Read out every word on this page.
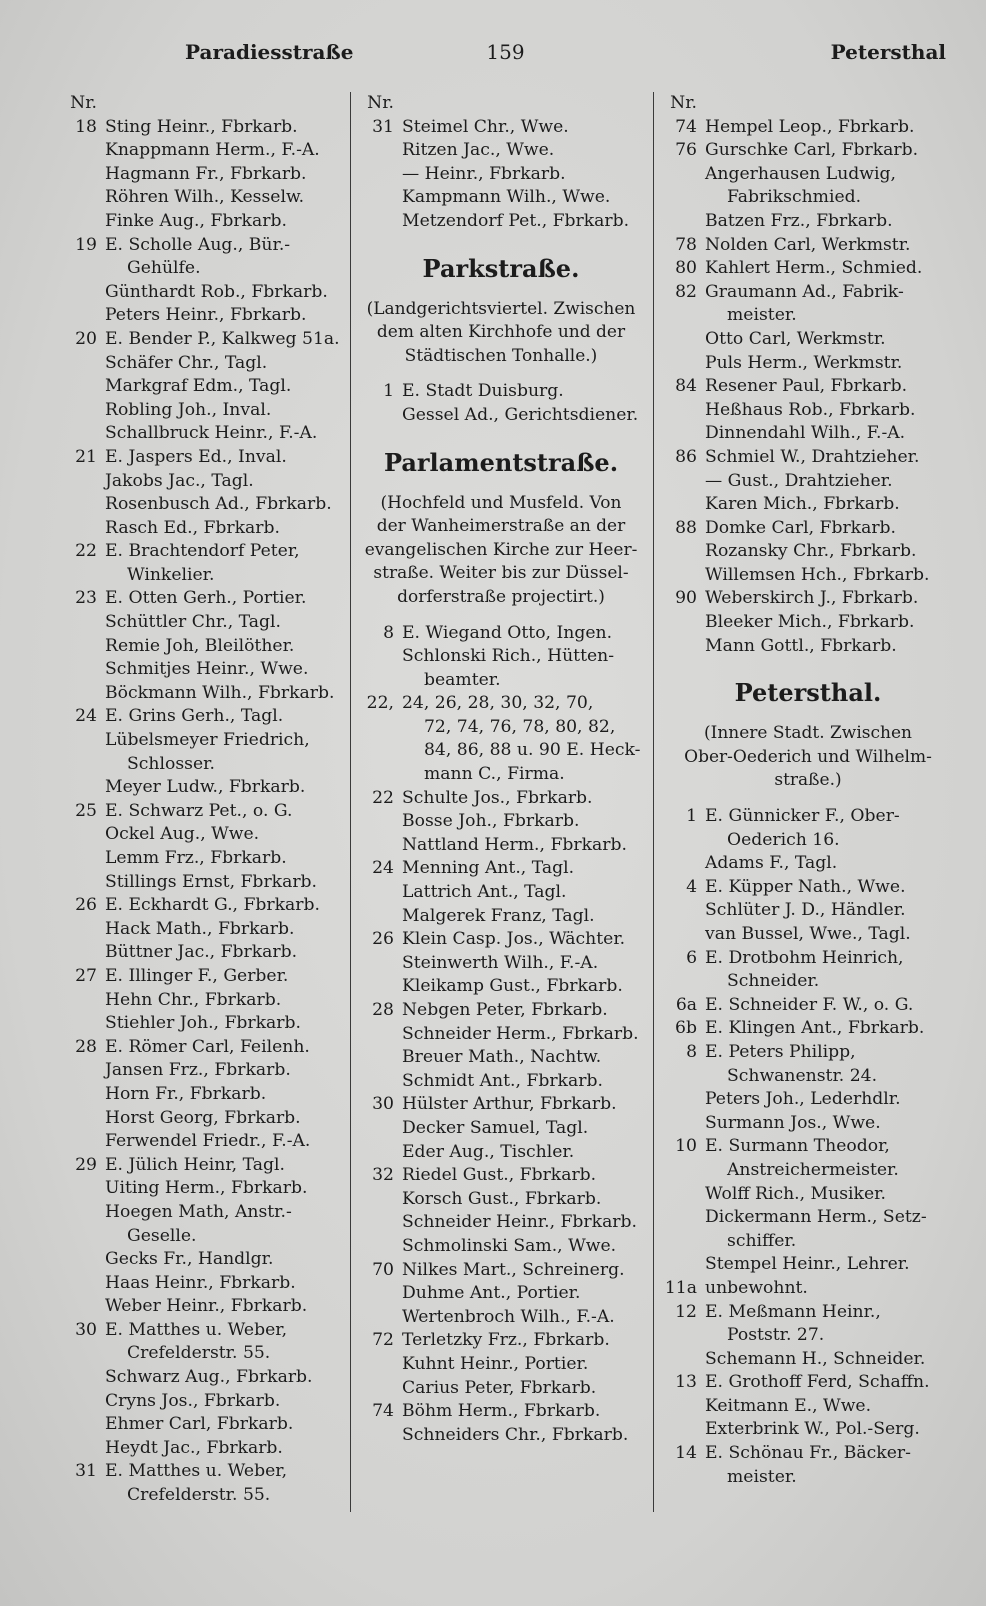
Paradiesstraße	159	Petersthal
Nr.
18 Sting Heinr., Fbrkarb.
Knappmann Herm., F.-A.
Hagmann Fr., Fbrkarb.
Röhren Wilh., Kesselw.
Finke Aug., Fbrkarb.
19 E. Scholle Aug., Bür.-
Gehülfe.
Günthardt Rob., Fbrkarb.
Peters Heinr., Fbrkarb.
20 E. Bender P., Kalkweg 51a.
Schäfer Chr., Tagl.
Markgraf Edm., Tagl.
Robling Joh., Inval.
Schallbruck Heinr., F.-A.
21 E. Jaspers Ed., Inval.
Jakobs Jac., Tagl.
Rosenbusch Ad., Fbrkarb.
Rasch Ed., Fbrkarb.
22 E. Brachtendorf Peter,
Winkelier.
23 E. Otten Gerh., Portier.
Schüttler Chr., Tagl.
Remie Joh, Bleilöther.
Schmitjes Heinr., Wwe.
Böckmann Wilh., Fbrkarb.
24 E. Grins Gerh., Tagl.
Lübelsmeyer Friedrich,
Schlosser.
Meyer Ludw., Fbrkarb.
25 E. Schwarz Pet., o. G.
Ockel Aug., Wwe.
Lemm Frz., Fbrkarb.
Stillings Ernst, Fbrkarb.
26 E. Eckhardt G., Fbrkarb.
Hack Math., Fbrkarb.
Büttner Jac., Fbrkarb.
27 E. Illinger F., Gerber.
Hehn Chr., Fbrkarb.
Stiehler Joh., Fbrkarb.
28 E. Römer Carl, Feilenh.
Jansen Frz., Fbrkarb.
Horn Fr., Fbrkarb.
Horst Georg, Fbrkarb.
Ferwendel Friedr., F.-A.
29 E. Jülich Heinr, Tagl.
Uiting Herm., Fbrkarb.
Hoegen Math, Anstr.-
Geselle.
Gecks Fr., Handlgr.
Haas Heinr., Fbrkarb.
Weber Heinr., Fbrkarb.
30 E. Matthes u. Weber,
Crefelderstr. 55.
Schwarz Aug., Fbrkarb.
Cryns Jos., Fbrkarb.
Ehmer Carl, Fbrkarb.
Heydt Jac., Fbrkarb.
31 E. Matthes u. Weber,
Crefelderstr. 55.
Nr.
31 Steimel Chr., Wwe.
Ritzen Jac., Wwe.
— Heinr., Fbrkarb.
Kampmann Wilh., Wwe.
Metzendorf Pet., Fbrkarb.
Parkstraße.
(Landgerichtsviertel. Zwischen
dem alten Kirchhofe und der
Städtischen Tonhalle.)
1 E. Stadt Duisburg.
Gessel Ad., Gerichtsdiener.
Parlamentstraße.
(Hochfeld und Musfeld. Von
der Wanheimerstraße an der
evangelischen Kirche zur Heer-
straße. Weiter bis zur Düssel-
dorferstraße projectirt.)
8 E. Wiegand Otto, Ingen.
Schlonski Rich., Hütten-
beamter.
22, 24, 26, 28, 30, 32, 70,
72, 74, 76, 78, 80, 82,
84, 86, 88 u. 90 E. Heck-
mann C., Firma.
22 Schulte Jos., Fbrkarb.
Bosse Joh., Fbrkarb.
Nattland Herm., Fbrkarb.
24 Menning Ant., Tagl.
Lattrich Ant., Tagl.
Malgerek Franz, Tagl.
26 Klein Casp. Jos., Wächter.
Steinwerth Wilh., F.-A.
Kleikamp Gust., Fbrkarb.
28 Nebgen Peter, Fbrkarb.
Schneider Herm., Fbrkarb.
Breuer Math., Nachtw.
Schmidt Ant., Fbrkarb.
30 Hülster Arthur, Fbrkarb.
Decker Samuel, Tagl.
Eder Aug., Tischler.
32 Riedel Gust., Fbrkarb.
Korsch Gust., Fbrkarb.
Schneider Heinr., Fbrkarb.
Schmolinski Sam., Wwe.
70 Nilkes Mart., Schreinerg.
Duhme Ant., Portier.
Wertenbroch Wilh., F.-A.
72 Terletzky Frz., Fbrkarb.
Kuhnt Heinr., Portier.
Carius Peter, Fbrkarb.
74 Böhm Herm., Fbrkarb.
Schneiders Chr., Fbrkarb.
Nr.
74 Hempel Leop., Fbrkarb.
76 Gurschke Carl, Fbrkarb.
Angerhausen Ludwig,
Fabrikschmied.
Batzen Frz., Fbrkarb.
78 Nolden Carl, Werkmstr.
80 Kahlert Herm., Schmied.
82 Graumann Ad., Fabrik-
meister.
Otto Carl, Werkmstr.
Puls Herm., Werkmstr.
84 Resener Paul, Fbrkarb.
Heßhaus Rob., Fbrkarb.
Dinnendahl Wilh., F.-A.
86 Schmiel W., Drahtzieher.
— Gust., Drahtzieher.
Karen Mich., Fbrkarb.
88 Domke Carl, Fbrkarb.
Rozansky Chr., Fbrkarb.
Willemsen Hch., Fbrkarb.
90 Weberskirch J., Fbrkarb.
Bleeker Mich., Fbrkarb.
Mann Gottl., Fbrkarb.
Petersthal.
(Innere Stadt. Zwischen
Ober-Oederich und Wilhelm-
straße.)
1 E. Günnicker F., Ober-
Oederich 16.
Adams F., Tagl.
4 E. Küpper Nath., Wwe.
Schlüter J. D., Händler.
van Bussel, Wwe., Tagl.
6 E. Drotbohm Heinrich,
Schneider.
6a E. Schneider F. W., o. G.
6b E. Klingen Ant., Fbrkarb.
8 E. Peters Philipp,
Schwanenstr. 24.
Peters Joh., Lederhdlr.
Surmann Jos., Wwe.
10 E. Surmann Theodor,
Anstreichermeister.
Wolff Rich., Musiker.
Dickermann Herm., Setz-
schiffer.
Stempel Heinr., Lehrer.
11a unbewohnt.
12 E. Meßmann Heinr.,
Poststr. 27.
Schemann H., Schneider.
13 E. Grothoff Ferd, Schaffn.
Keitmann E., Wwe.
Exterbrink W., Pol.-Serg.
14 E. Schönau Fr., Bäcker-
meister.
